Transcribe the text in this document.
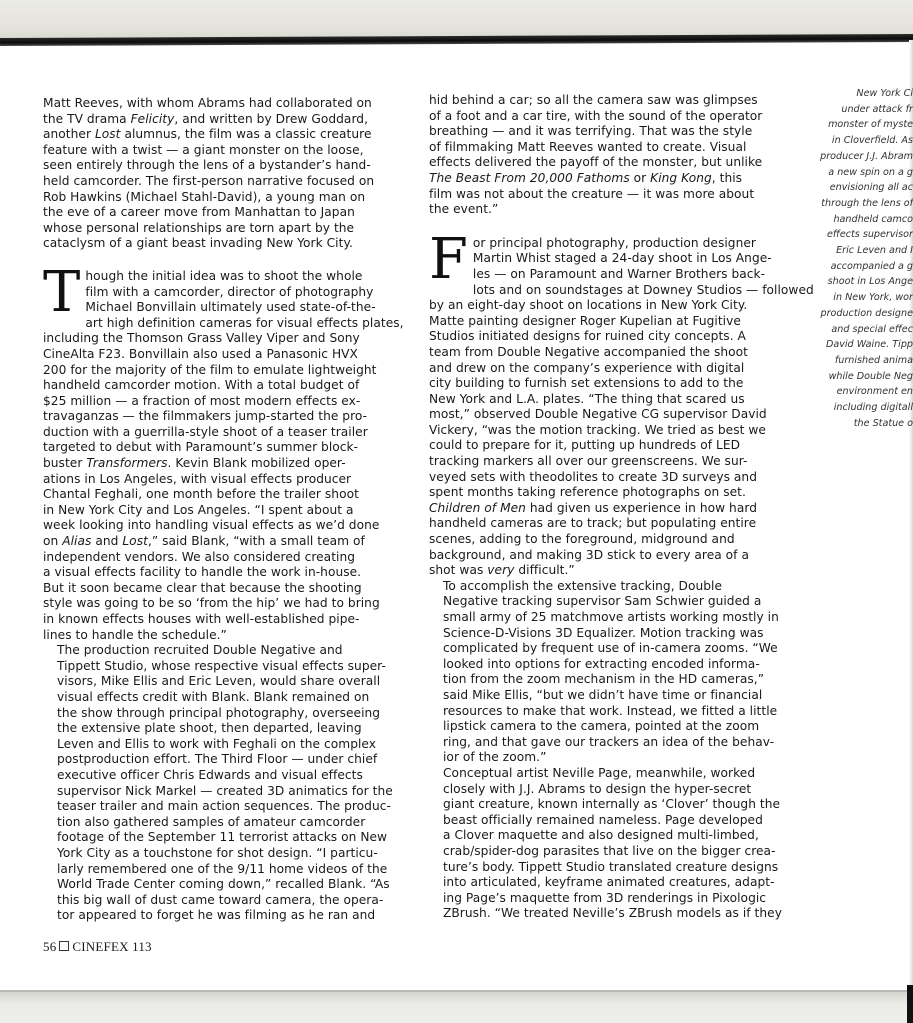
Matt Reeves, with whom Abrams had collaborated on
the TV drama Felicity, and written by Drew Goddard,
another Lost alumnus, the film was a classic creature
feature with a twist — a giant monster on the loose,
seen entirely through the lens of a bystander’s hand-
held camcorder. The first-person narrative focused on
Rob Hawkins (Michael Stahl-David), a young man on
the eve of a career move from Manhattan to Japan
whose personal relationships are torn apart by the
cataclysm of a giant beast invading New York City.

T hough the initial idea was to shoot the whole
film with a camcorder, director of photography
Michael Bonvillain ultimately used state-of-the-
art high definition cameras for visual effects plates,
including the Thomson Grass Valley Viper and Sony
CineAlta F23. Bonvillain also used a Panasonic HVX
200 for the majority of the film to emulate lightweight
handheld camcorder motion. With a total budget of
$25 million — a fraction of most modern effects ex-
travaganzas — the filmmakers jump-started the pro-
duction with a guerrilla-style shoot of a teaser trailer
targeted to debut with Paramount’s summer block-
buster Transformers. Kevin Blank mobilized oper-
ations in Los Angeles, with visual effects producer
Chantal Feghali, one month before the trailer shoot
in New York City and Los Angeles. “I spent about a
week looking into handling visual effects as we’d done
on Alias and Lost,” said Blank, “with a small team of
independent vendors. We also considered creating
a visual effects facility to handle the work in-house.
But it soon became clear that because the shooting
style was going to be so ‘from the hip’ we had to bring
in known effects houses with well-established pipe-
lines to handle the schedule.”

The production recruited Double Negative and
Tippett Studio, whose respective visual effects super-
visors, Mike Ellis and Eric Leven, would share overall
visual effects credit with Blank. Blank remained on
the show through principal photography, overseeing
the extensive plate shoot, then departed, leaving
Leven and Ellis to work with Feghali on the complex
postproduction effort. The Third Floor — under chief
executive officer Chris Edwards and visual effects
supervisor Nick Markel — created 3D animatics for the
teaser trailer and main action sequences. The produc-
tion also gathered samples of amateur camcorder
footage of the September 11 terrorist attacks on New
York City as a touchstone for shot design. “I particu-
larly remembered one of the 9/11 home videos of the
World Trade Center coming down,” recalled Blank. “As
this big wall of dust came toward camera, the opera-
tor appeared to forget he was filming as he ran and

hid behind a car; so all the camera saw was glimpses
of a foot and a car tire, with the sound of the operator
breathing — and it was terrifying. That was the style
of filmmaking Matt Reeves wanted to create. Visual
effects delivered the payoff of the monster, but unlike
The Beast From 20,000 Fathoms or King Kong, this
film was not about the creature — it was more about
the event.”

F or principal photography, production designer
Martin Whist staged a 24-day shoot in Los Ange-
les — on Paramount and Warner Brothers back-
lots and on soundstages at Downey Studios — followed
by an eight-day shoot on locations in New York City.
Matte painting designer Roger Kupelian at Fugitive
Studios initiated designs for ruined city concepts. A
team from Double Negative accompanied the shoot
and drew on the company’s experience with digital
city building to furnish set extensions to add to the
New York and L.A. plates. “The thing that scared us
most,” observed Double Negative CG supervisor David
Vickery, “was the motion tracking. We tried as best we
could to prepare for it, putting up hundreds of LED
tracking markers all over our greenscreens. We sur-
veyed sets with theodolites to create 3D surveys and
spent months taking reference photographs on set.
Children of Men had given us experience in how hard
handheld cameras are to track; but populating entire
scenes, adding to the foreground, midground and
background, and making 3D stick to every area of a
shot was very difficult.”

To accomplish the extensive tracking, Double
Negative tracking supervisor Sam Schwier guided a
small army of 25 matchmove artists working mostly in
Science-D-Visions 3D Equalizer. Motion tracking was
complicated by frequent use of in-camera zooms. “We
looked into options for extracting encoded informa-
tion from the zoom mechanism in the HD cameras,”
said Mike Ellis, “but we didn’t have time or financial
resources to make that work. Instead, we fitted a little
lipstick camera to the camera, pointed at the zoom
ring, and that gave our trackers an idea of the behav-
ior of the zoom.”

Conceptual artist Neville Page, meanwhile, worked
closely with J.J. Abrams to design the hyper-secret
giant creature, known internally as ‘Clover’ though the
beast officially remained nameless. Page developed
a Clover maquette and also designed multi-limbed,
crab/spider-dog parasites that live on the bigger crea-
ture’s body. Tippett Studio translated creature designs
into articulated, keyframe animated creatures, adapt-
ing Page’s maquette from 3D renderings in Pixologic
ZBrush. “We treated Neville’s ZBrush models as if they

New York Ci
under attack fr
monster of myste
in Cloverfield. As
producer J.J. Abram
a new spin on a g
envisioning all ac
through the lens of
handheld camco
effects supervisor
Eric Leven and I
accompanied a g
shoot in Los Ange
in New York, wor
production designe
and special effec
David Waine. Tipp
furnished anima
while Double Neg
environment en
including digitall
the Statue o
56 CINEFEX 113
